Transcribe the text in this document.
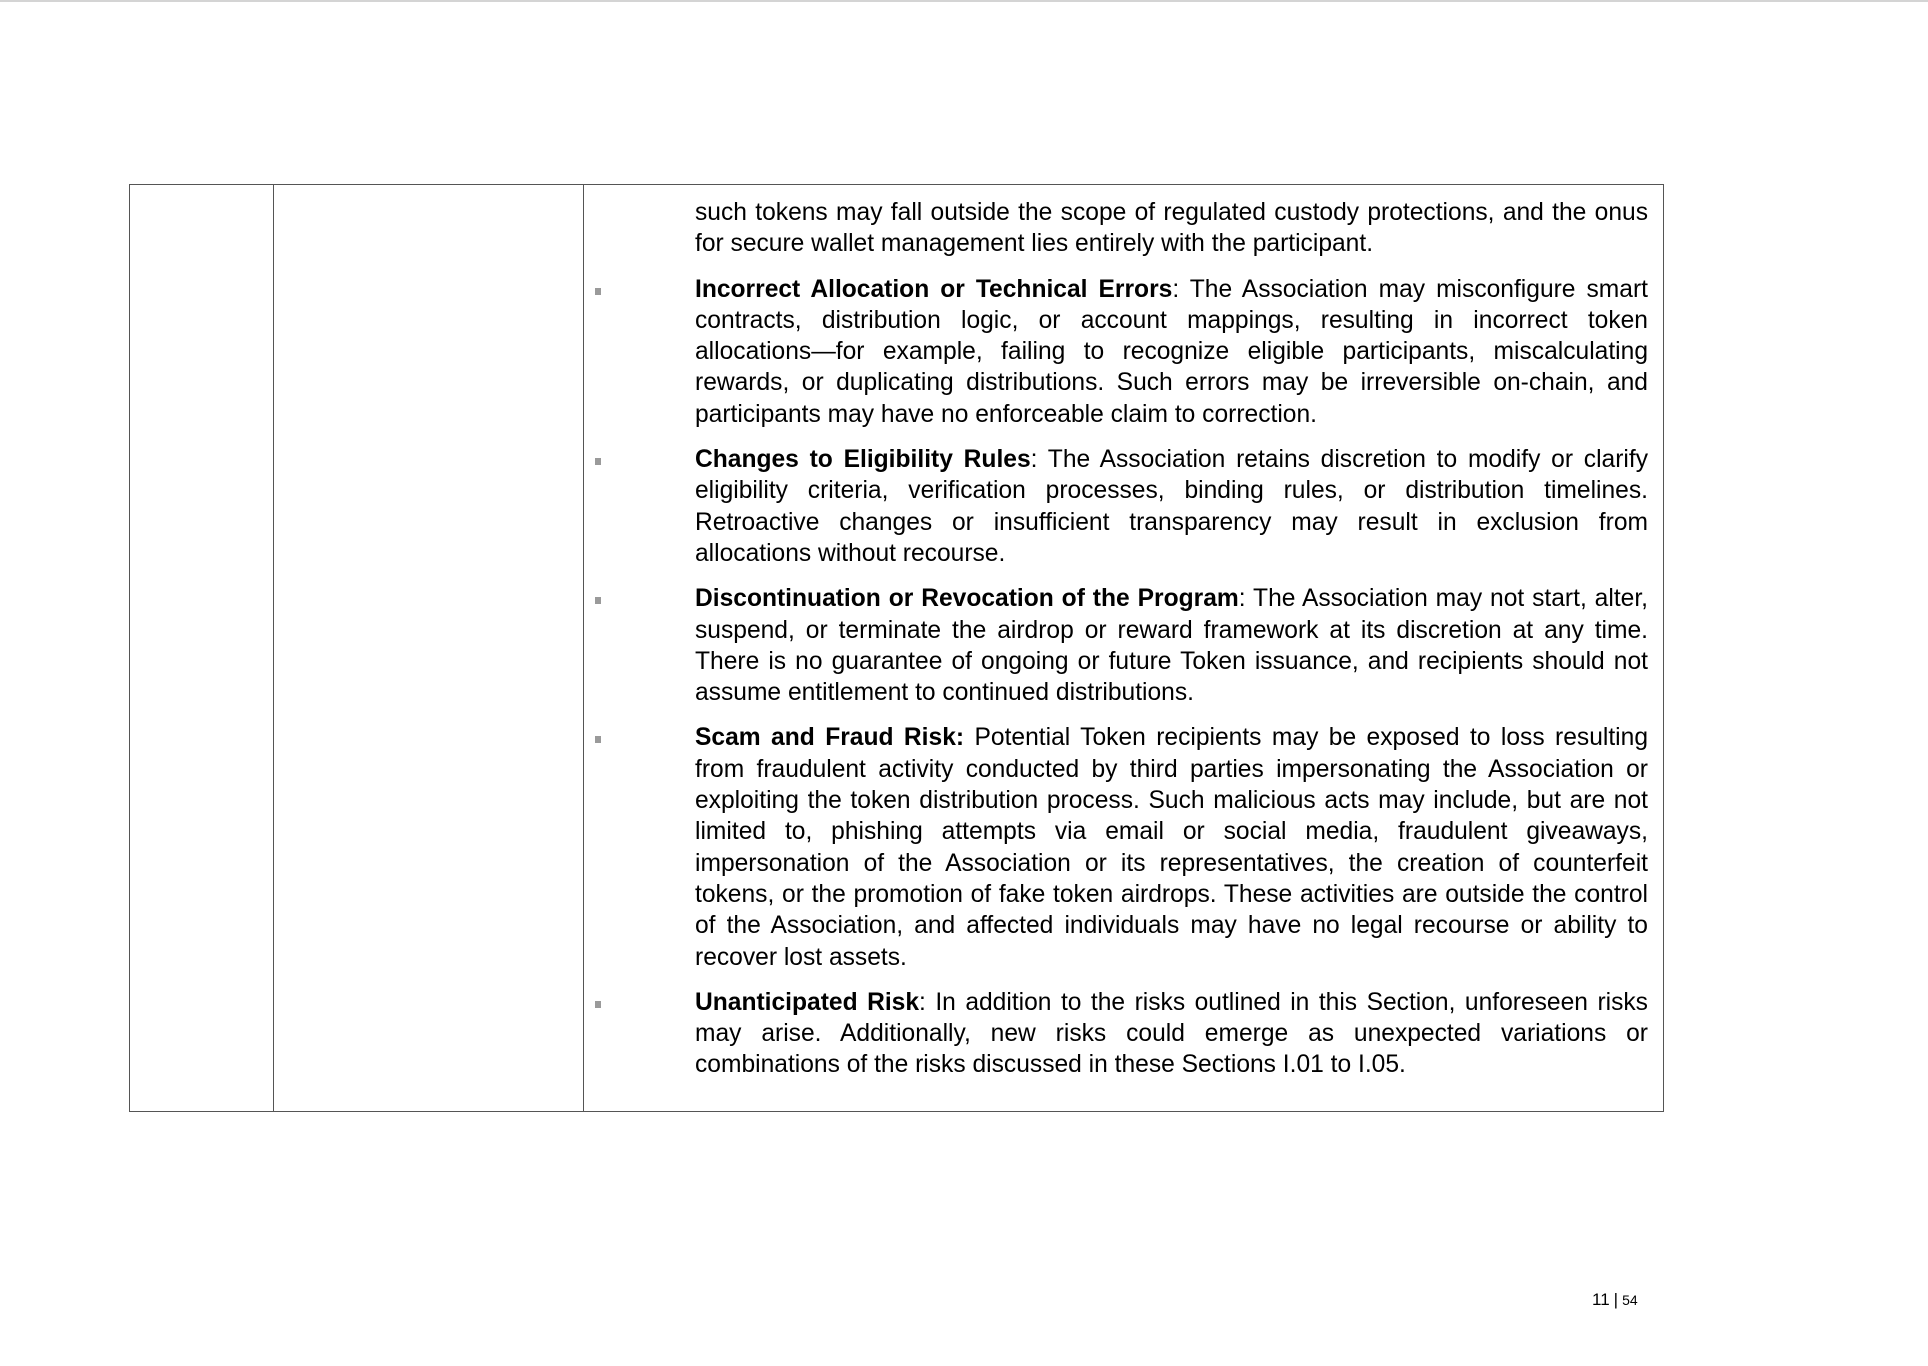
such tokens may fall outside the scope of regulated custody protections, and the onus for secure wallet management lies entirely with the participant.

Incorrect Allocation or Technical Errors: The Association may misconfigure smart contracts, distribution logic, or account mappings, resulting in incorrect token allocations—for example, failing to recognize eligible participants, miscalculating rewards, or duplicating distributions. Such errors may be irreversible on-chain, and participants may have no enforceable claim to correction.

Changes to Eligibility Rules: The Association retains discretion to modify or clarify eligibility criteria, verification processes, binding rules, or distribution timelines. Retroactive changes or insufficient transparency may result in exclusion from allocations without recourse.

Discontinuation or Revocation of the Program: The Association may not start, alter, suspend, or terminate the airdrop or reward framework at its discretion at any time. There is no guarantee of ongoing or future Token issuance, and recipients should not assume entitlement to continued distributions.

Scam and Fraud Risk: Potential Token recipients may be exposed to loss resulting from fraudulent activity conducted by third parties impersonating the Association or exploiting the token distribution process. Such malicious acts may include, but are not limited to, phishing attempts via email or social media, fraudulent giveaways, impersonation of the Association or its representatives, the creation of counterfeit tokens, or the promotion of fake token airdrops. These activities are outside the control of the Association, and affected individuals may have no legal recourse or ability to recover lost assets.

Unanticipated Risk: In addition to the risks outlined in this Section, unforeseen risks may arise. Additionally, new risks could emerge as unexpected variations or combinations of the risks discussed in these Sections I.01 to I.05.

11 | 54
